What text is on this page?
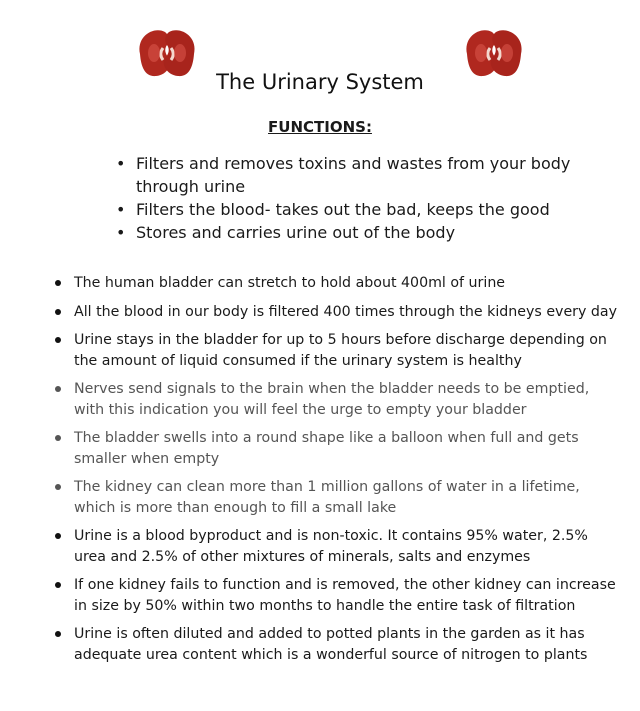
The Urinary System
FUNCTIONS:
• Filters and removes toxins and wastes from your body through urine
• Filters the blood- takes out the bad, keeps the good
• Stores and carries urine out of the body
The human bladder can stretch to hold about 400ml of urine
All the blood in our body is filtered 400 times through the kidneys every day
Urine stays in the bladder for up to 5 hours before discharge depending on the amount of liquid consumed if the urinary system is healthy
Nerves send signals to the brain when the bladder needs to be emptied, with this indication you will feel the urge to empty your bladder
The bladder swells into a round shape like a balloon when full and gets smaller when empty
The kidney can clean more than 1 million gallons of water in a lifetime, which is more than enough to fill a small lake
Urine is a blood byproduct and is non-toxic. It contains 95% water, 2.5% urea and 2.5% of other mixtures of minerals, salts and enzymes
If one kidney fails to function and is removed, the other kidney can increase in size by 50% within two months to handle the entire task of filtration
Urine is often diluted and added to potted plants in the garden as it has adequate urea content which is a wonderful source of nitrogen to plants
